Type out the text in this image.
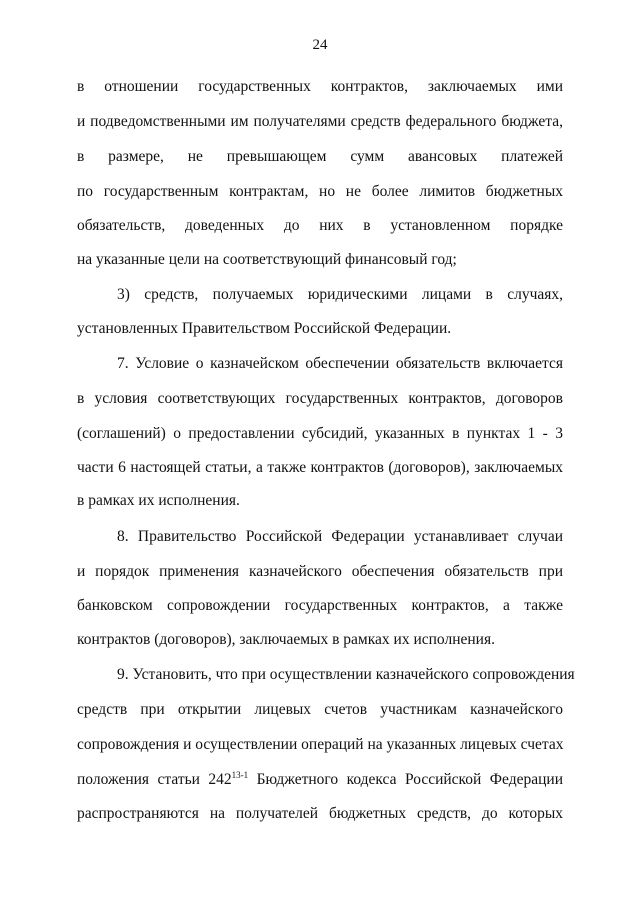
24
в отношении государственных контрактов, заключаемых ими
и подведомственными им получателями средств федерального бюджета,
в размере, не превышающем сумм авансовых платежей
по государственным контрактам, но не более лимитов бюджетных
обязательств, доведенных до них в установленном порядке
на указанные цели на соответствующий финансовый год;
3) средств, получаемых юридическими лицами в случаях,
установленных Правительством Российской Федерации.
7. Условие о казначейском обеспечении обязательств включается
в условия соответствующих государственных контрактов, договоров
(соглашений) о предоставлении субсидий, указанных в пунктах 1 - 3
части 6 настоящей статьи, а также контрактов (договоров), заключаемых
в рамках их исполнения.
8. Правительство Российской Федерации устанавливает случаи
и порядок применения казначейского обеспечения обязательств при
банковском сопровождении государственных контрактов, а также
контрактов (договоров), заключаемых в рамках их исполнения.
9. Установить, что при осуществлении казначейского сопровождения
средств при открытии лицевых счетов участникам казначейского
сопровождения и осуществлении операций на указанных лицевых счетах
положения статьи 242$^{13-1}$ Бюджетного кодекса Российской Федерации
распространяются на получателей бюджетных средств, до которых
